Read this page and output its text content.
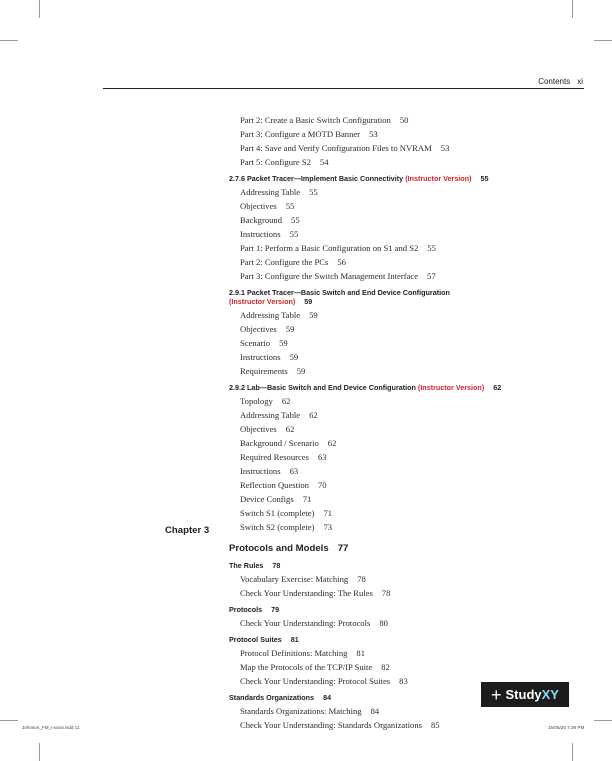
Contents xi
Chapter 3
Part 2: Create a Basic Switch Configuration 50
Part 3: Configure a MOTD Banner 53
Part 4: Save and Verify Configuration Files to NVRAM 53
Part 5: Configure S2 54
2.7.6 Packet Tracer—Implement Basic Connectivity (Instructor Version) 55
Addressing Table 55
Objectives 55
Background 55
Instructions 55
Part 1: Perform a Basic Configuration on S1 and S2 55
Part 2: Configure the PCs 56
Part 3: Configure the Switch Management Interface 57
2.9.1 Packet Tracer—Basic Switch and End Device Configuration
(Instructor Version) 59
Addressing Table 59
Objectives 59
Scenario 59
Instructions 59
Requirements 59
2.9.2 Lab—Basic Switch and End Device Configuration (Instructor Version) 62
Topology 62
Addressing Table 62
Objectives 62
Background / Scenario 62
Required Resources 63
Instructions 63
Reflection Question 70
Device Configs 71
Switch S1 (complete) 71
Switch S2 (complete) 73
Protocols and Models 77
The Rules 78
Vocabulary Exercise: Matching 78
Check Your Understanding: The Rules 78
Protocols 79
Check Your Understanding: Protocols 80
Protocol Suites 81
Protocol Definitions: Matching 81
Map the Protocols of the TCP/IP Suite 82
Check Your Understanding: Protocol Suites 83
Standards Organizations 84
Standards Organizations: Matching 84
Check Your Understanding: Standards Organizations 85
Johnson_FM_i-xxxiv.indd 11	15/05/20 7:39 PM
+ Study XY
